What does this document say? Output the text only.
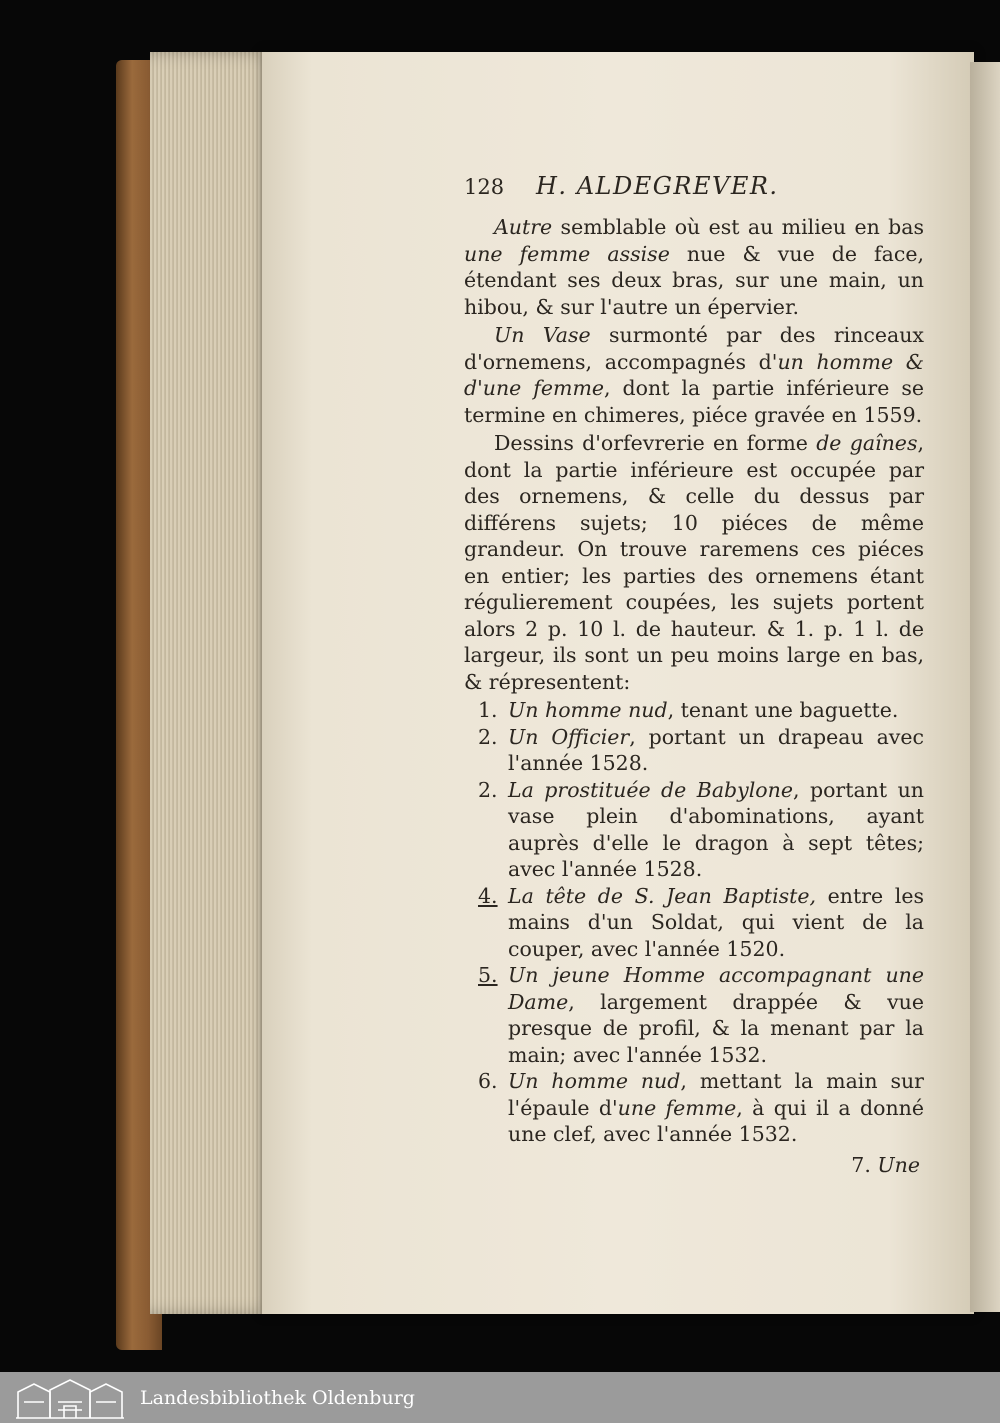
128	H. ALDEGREVER.

Autre semblable où est au milieu en bas une femme assise nue & vue de face, étendant ses deux bras, sur une main, un hibou, & sur l'autre un épervier.

Un Vase surmonté par des rinceaux d'ornemens, accompagnés d'un homme & d'une femme, dont la partie inférieure se termine en chimeres, piéce gravée en 1559.

Dessins d'orfevrerie en forme de gaînes, dont la partie inférieure est occupée par des ornemens, & celle du dessus par différens sujets; 10 piéces de même grandeur. On trouve raremens ces piéces en entier; les parties des ornemens étant régulierement coupées, les sujets portent alors 2 p. 10 l. de hauteur. & 1. p. 1 l. de largeur, ils sont un peu moins large en bas, & répresentent:

1. Un homme nud, tenant une baguette.
2. Un Officier, portant un drapeau avec l'année 1528.
2. La prostituée de Babylone, portant un vase plein d'abominations, ayant auprès d'elle le dragon à sept têtes; avec l'année 1528.
4. La tête de S. Jean Baptiste, entre les mains d'un Soldat, qui vient de la couper, avec l'année 1520.
5. Un jeune Homme accompagnant une Dame, largement drappée & vue presque de profil, & la menant par la main; avec l'année 1532.
6. Un homme nud, mettant la main sur l'épaule d'une femme, à qui il a donné une clef, avec l'année 1532.
7. Une
Landesbibliothek Oldenburg
